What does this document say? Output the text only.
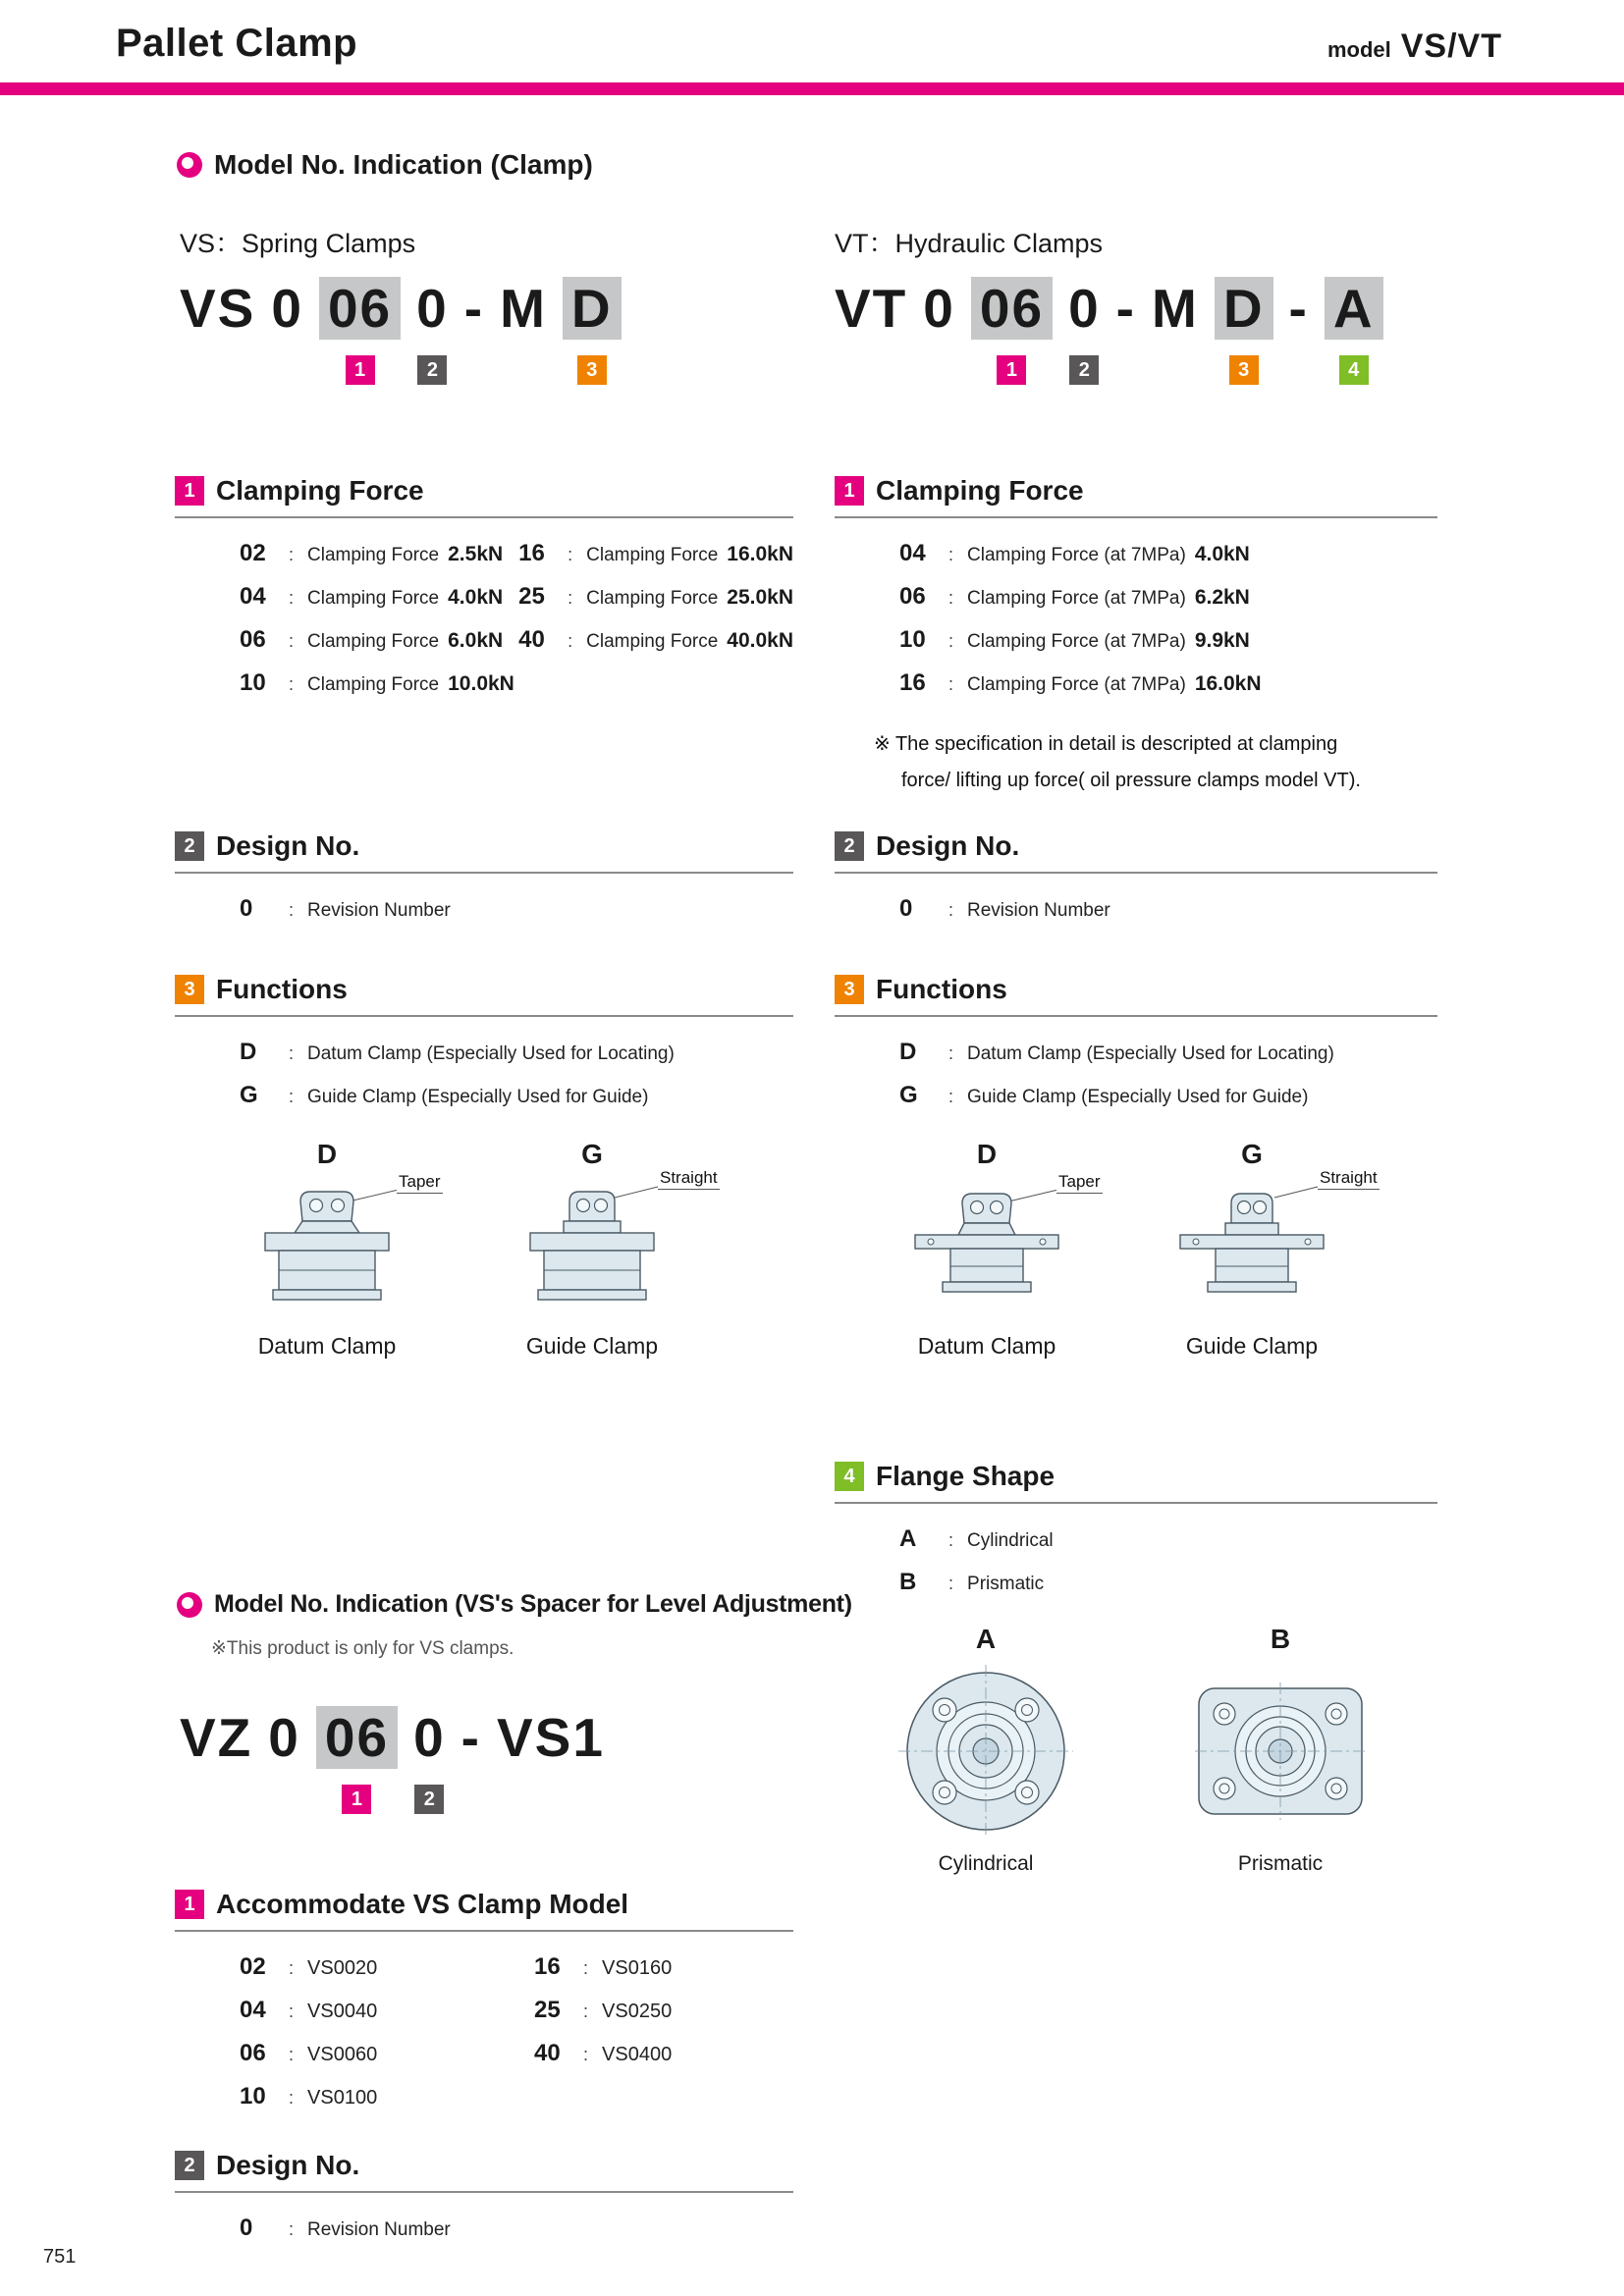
Pallet Clamp	model VS/VT
Model No. Indication (Clamp)
VS：Spring Clamps	VT：Hydraulic Clamps
VS 0 06
1
0
2
- M D
3
VT 0 06
1
0
2
- M D
3
- A
4
1 Clamping Force
02	: Clamping Force 2.5kN
04	: Clamping Force 4.0kN
06	: Clamping Force 6.0kN
10	: Clamping Force 10.0kN
16	: Clamping Force 16.0kN
25	: Clamping Force 25.0kN
40	: Clamping Force 40.0kN
1 Clamping Force
04	: Clamping Force (at 7MPa) 4.0kN
06	: Clamping Force (at 7MPa) 6.2kN
10	: Clamping Force (at 7MPa) 9.9kN
16	: Clamping Force (at 7MPa) 16.0kN
※ The specification in detail is descripted at clamping
force/ lifting up force( oil pressure clamps model VT).
2 Design No.
0	: Revision Number
2 Design No.
0	: Revision Number
3 Functions
D	: Datum Clamp (Especially Used for Locating)
G	: Guide Clamp (Especially Used for Guide)
D
Taper
Datum Clamp
G
Straight
Guide Clamp
3 Functions
D	: Datum Clamp (Especially Used for Locating)
G	: Guide Clamp (Especially Used for Guide)
D
Taper
Datum Clamp
G
Straight
Guide Clamp
4 Flange Shape
A	: Cylindrical
B	: Prismatic
A
Cylindrical
B
Prismatic
Model No. Indication (VS's Spacer for Level Adjustment)
※This product is only for VS clamps.
VZ 0 06
1
0
2
- VS1
1 Accommodate VS Clamp Model
02	: VS0020
04	: VS0040
06	: VS0060
10	: VS0100
16	: VS0160
25	: VS0250
40	: VS0400
2 Design No.
0	: Revision Number
751
